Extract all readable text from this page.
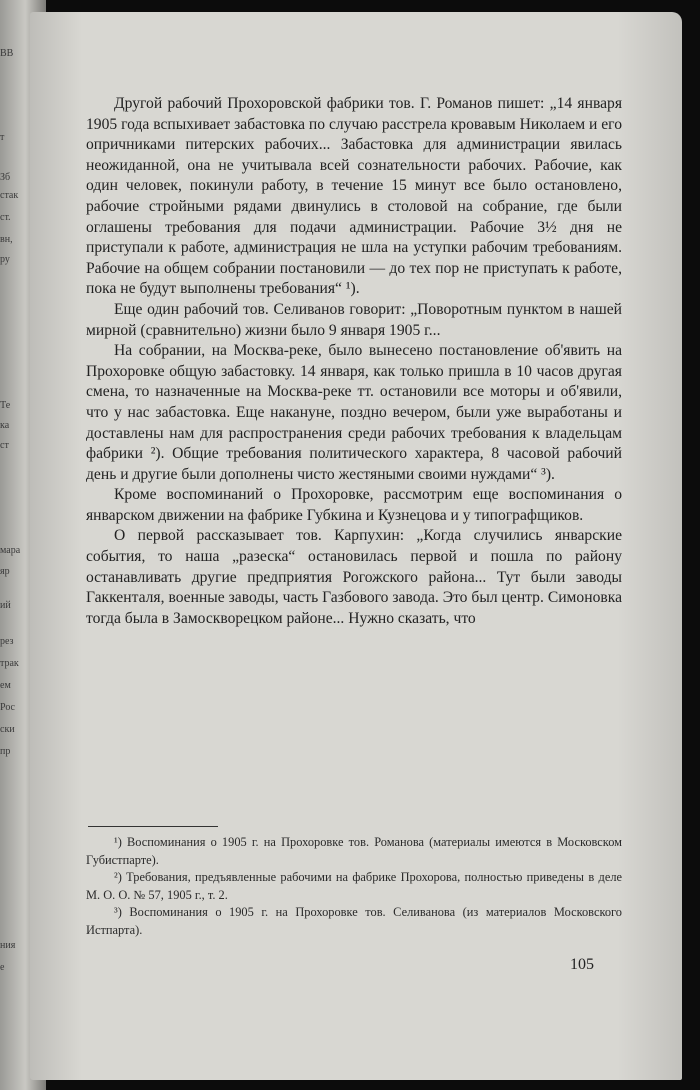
ВВ
т
Зб
стак
ст.
вн,
ру
Те
ка
ст
мара
яр
ий
рез
трак
ем
Рос
ски
пр
ния
е

Другой рабочий Прохоровской фабрики тов. Г. Романов пишет: „14 января 1905 года вспыхивает забастовка по случаю расстрела кровавым Николаем и его опричниками питерских рабочих... Забастовка для администрации явилась неожиданной, она не учитывала всей сознательности рабочих. Рабочие, как один человек, покинули работу, в течение 15 минут все было остановлено, рабочие стройными рядами двинулись в столовой на собрание, где были оглашены требования для подачи администрации. Рабочие 3½ дня не приступали к работе, администрация не шла на уступки рабочим требованиям. Рабочие на общем собрании постановили — до тех пор не приступать к работе, пока не будут выполнены требования“ ¹).

Еще один рабочий тов. Селиванов говорит: „Поворотным пунктом в нашей мирной (сравнительно) жизни было 9 января 1905 г...

На собрании, на Москва-реке, было вынесено постановление об'явить на Прохоровке общую забастовку. 14 января, как только пришла в 10 часов другая смена, то назначенные на Москва-реке тт. остановили все моторы и об'явили, что у нас забастовка. Еще накануне, поздно вечером, были уже выработаны и доставлены нам для распространения среди рабочих требования к владельцам фабрики ²). Общие требования политического характера, 8 часовой рабочий день и другие были дополнены чисто жестяными своими нуждами“ ³).

Кроме воспоминаний о Прохоровке, рассмотрим еще воспоминания о январском движении на фабрике Губкина и Кузнецова и у типографщиков.

О первой рассказывает тов. Карпухин: „Когда случились январские события, то наша „разеска“ остановилась первой и пошла по району останавливать другие предприятия Рогожского района... Тут были заводы Гаккенталя, военные заводы, часть Газбового завода. Это был центр. Симоновка тогда была в Замоскворецком районе... Нужно сказать, что

¹) Воспоминания о 1905 г. на Прохоровке тов. Романова (материалы имеются в Московском Губистпарте).

²) Требования, предъявленные рабочими на фабрике Прохорова, полностью приведены в деле М. О. О. № 57, 1905 г., т. 2.

³) Воспоминания о 1905 г. на Прохоровке тов. Селиванова (из материалов Московского Истпарта).

105
